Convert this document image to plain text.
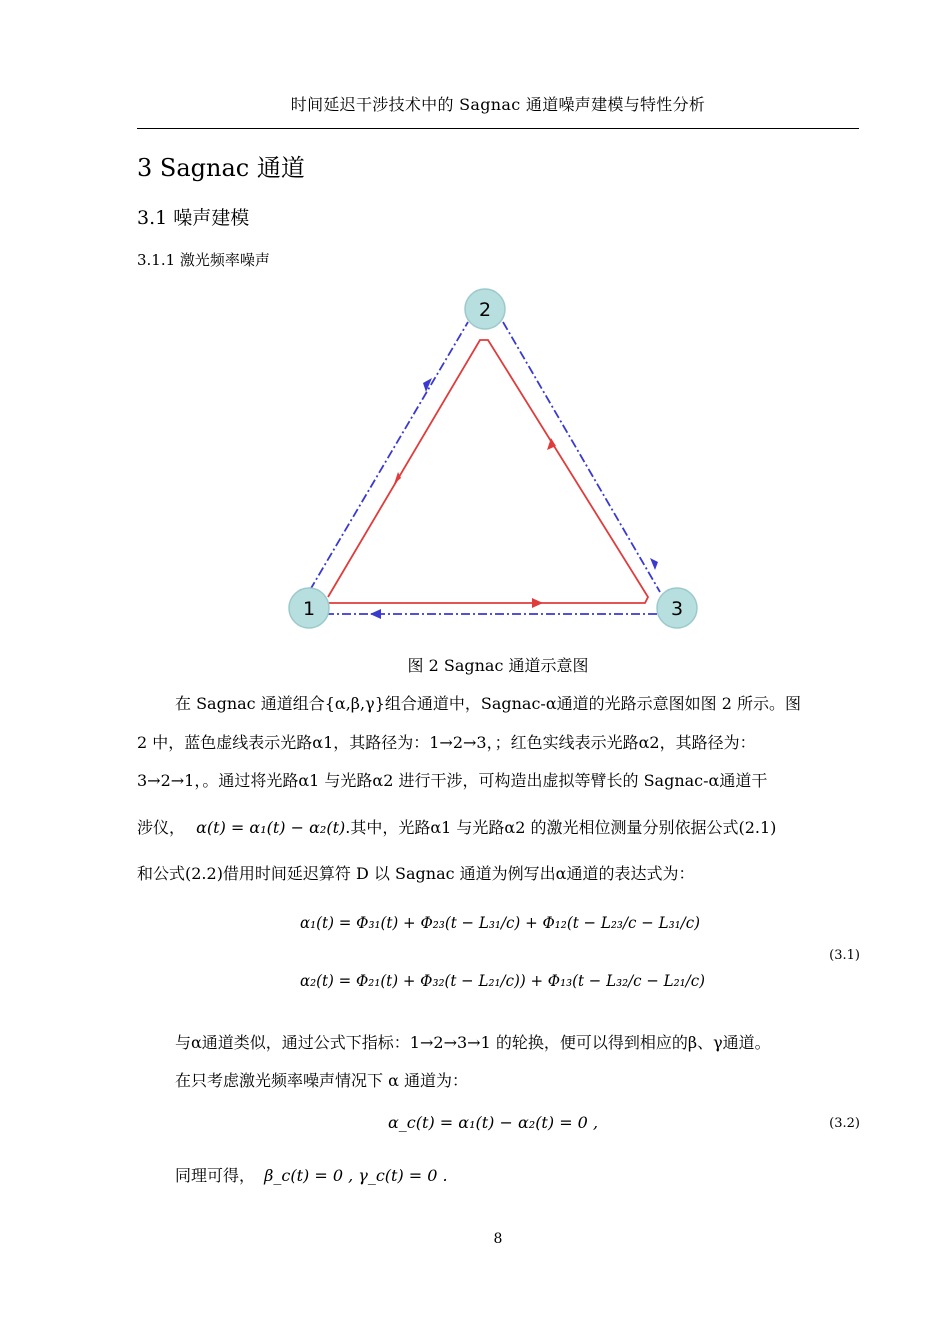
时间延迟干涉技术中的 Sagnac 通道噪声建模与特性分析
3 Sagnac 通道
3.1 噪声建模
3.1.1 激光频率噪声
1
2
3
图 2 Sagnac 通道示意图
在 Sagnac 通道组合{α,β,γ}组合通道中，Sagnac-α通道的光路示意图如图 2 所示。图
2 中，蓝色虚线表示光路α1，其路径为：1→2→3，；红色实线表示光路α2，其路径为：
3→2→1，。通过将光路α1 与光路α2 进行干涉，可构造出虚拟等臂长的 Sagnac-α通道干
涉仪， α(t) = α₁(t) − α₂(t).其中，光路α1 与光路α2 的激光相位测量分别依据公式(2.1)
和公式(2.2)借用时间延迟算符 D 以 Sagnac 通道为例写出α通道的表达式为：
α₁(t) = Φ₃₁(t) + Φ₂₃(t − L₃₁/c) + Φ₁₂(t − L₂₃/c − L₃₁/c)
α₂(t) = Φ₂₁(t) + Φ₃₂(t − L₂₁/c)) + Φ₁₃(t − L₃₂/c − L₂₁/c)
(3.1)
与α通道类似，通过公式下指标：1→2→3→1 的轮换，便可以得到相应的β、γ通道。
在只考虑激光频率噪声情况下 α 通道为：
α_c(t) = α₁(t) − α₂(t) = 0 ,	(3.2)
同理可得， β_c(t) = 0 , γ_c(t) = 0 .
8
